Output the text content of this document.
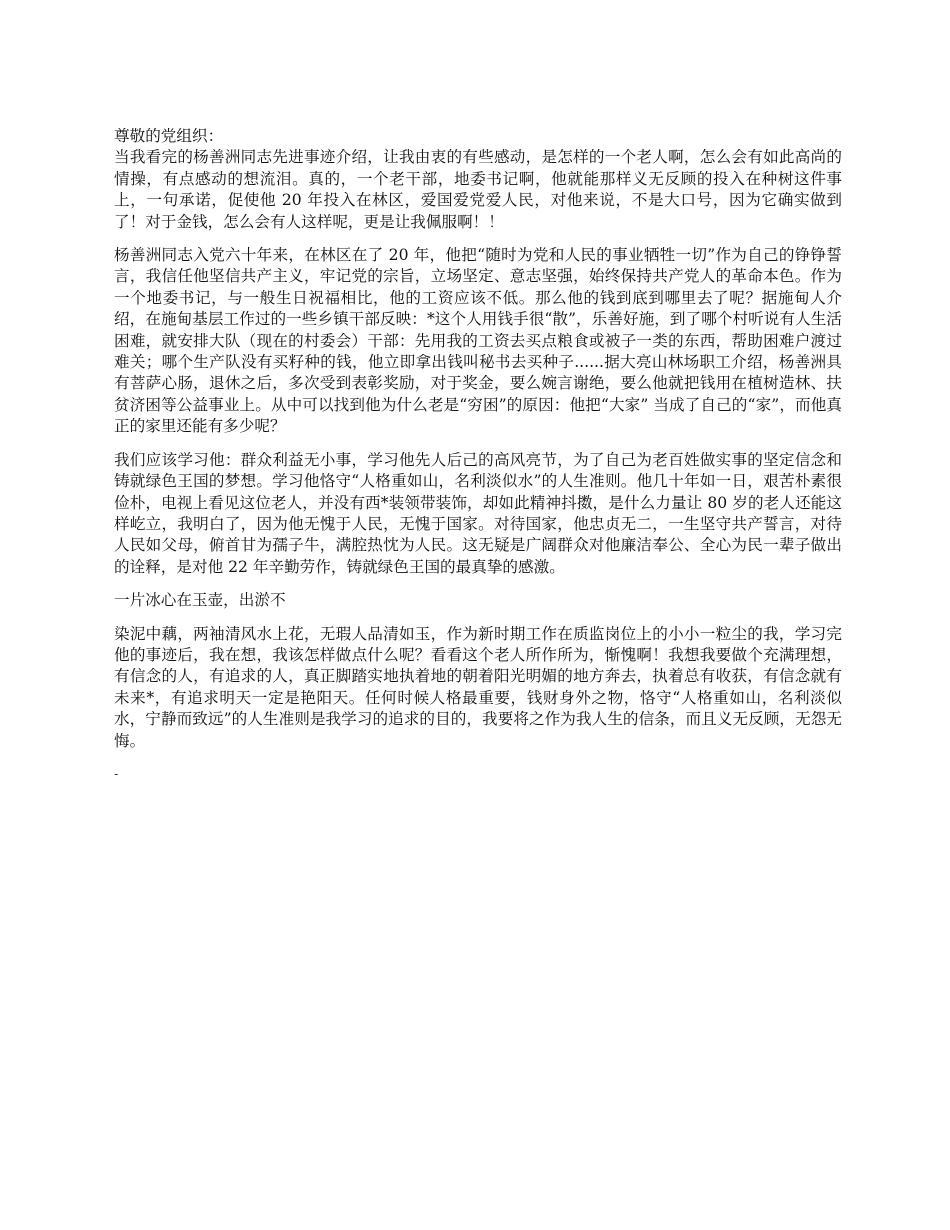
尊敬的党组织：

当我看完的杨善洲同志先进事迹介绍，让我由衷的有些感动，是怎样的一个老人啊，怎么会有如此高尚的情操，有点感动的想流泪。真的，一个老干部，地委书记啊，他就能那样义无反顾的投入在种树这件事上，一句承诺，促使他 20 年投入在林区，爱国爱党爱人民，对他来说，不是大口号，因为它确实做到了！对于金钱，怎么会有人这样呢，更是让我佩服啊！！

杨善洲同志入党六十年来，在林区在了 20 年，他把“随时为党和人民的事业牺牲一切”作为自己的铮铮誓言，我信任他坚信共产主义，牢记党的宗旨，立场坚定、意志坚强，始终保持共产党人的革命本色。作为一个地委书记，与一般生日祝福相比，他的工资应该不低。那么他的钱到底到哪里去了呢？据施甸人介绍，在施甸基层工作过的一些乡镇干部反映：*这个人用钱手很“散”，乐善好施，到了哪个村听说有人生活困难，就安排大队（现在的村委会）干部：先用我的工资去买点粮食或被子一类的东西，帮助困难户渡过难关；哪个生产队没有买籽种的钱，他立即拿出钱叫秘书去买种子......据大亮山林场职工介绍，杨善洲具有菩萨心肠，退休之后，多次受到表彰奖励，对于奖金，要么婉言谢绝，要么他就把钱用在植树造林、扶贫济困等公益事业上。从中可以找到他为什么老是“穷困”的原因：他把“大家” 当成了自己的“家”，而他真正的家里还能有多少呢？

我们应该学习他：群众利益无小事，学习他先人后己的高风亮节，为了自己为老百姓做实事的坚定信念和铸就绿色王国的梦想。学习他恪守“人格重如山，名利淡似水”的人生准则。他几十年如一日，艰苦朴素很俭朴，电视上看见这位老人，并没有西*装领带装饰，却如此精神抖擞，是什么力量让 80 岁的老人还能这样屹立，我明白了，因为他无愧于人民，无愧于国家。对待国家，他忠贞无二，一生坚守共产誓言，对待人民如父母，俯首甘为孺子牛，满腔热忱为人民。这无疑是广阔群众对他廉洁奉公、全心为民一辈子做出的诠释，是对他 22 年辛勤劳作，铸就绿色王国的最真挚的感激。

一片冰心在玉壶，出淤不

染泥中藕，两袖清风水上花，无瑕人品清如玉，作为新时期工作在质监岗位上的小小一粒尘的我，学习完他的事迹后，我在想，我该怎样做点什么呢？看看这个老人所作所为，惭愧啊！我想我要做个充满理想，有信念的人，有追求的人，真正脚踏实地执着地的朝着阳光明媚的地方奔去，执着总有收获，有信念就有未来*，有追求明天一定是艳阳天。任何时候人格最重要，钱财身外之物，恪守“人格重如山，名利淡似水，宁静而致远”的人生准则是我学习的追求的目的，我要将之作为我人生的信条，而且义无反顾，无怨无悔。

-
